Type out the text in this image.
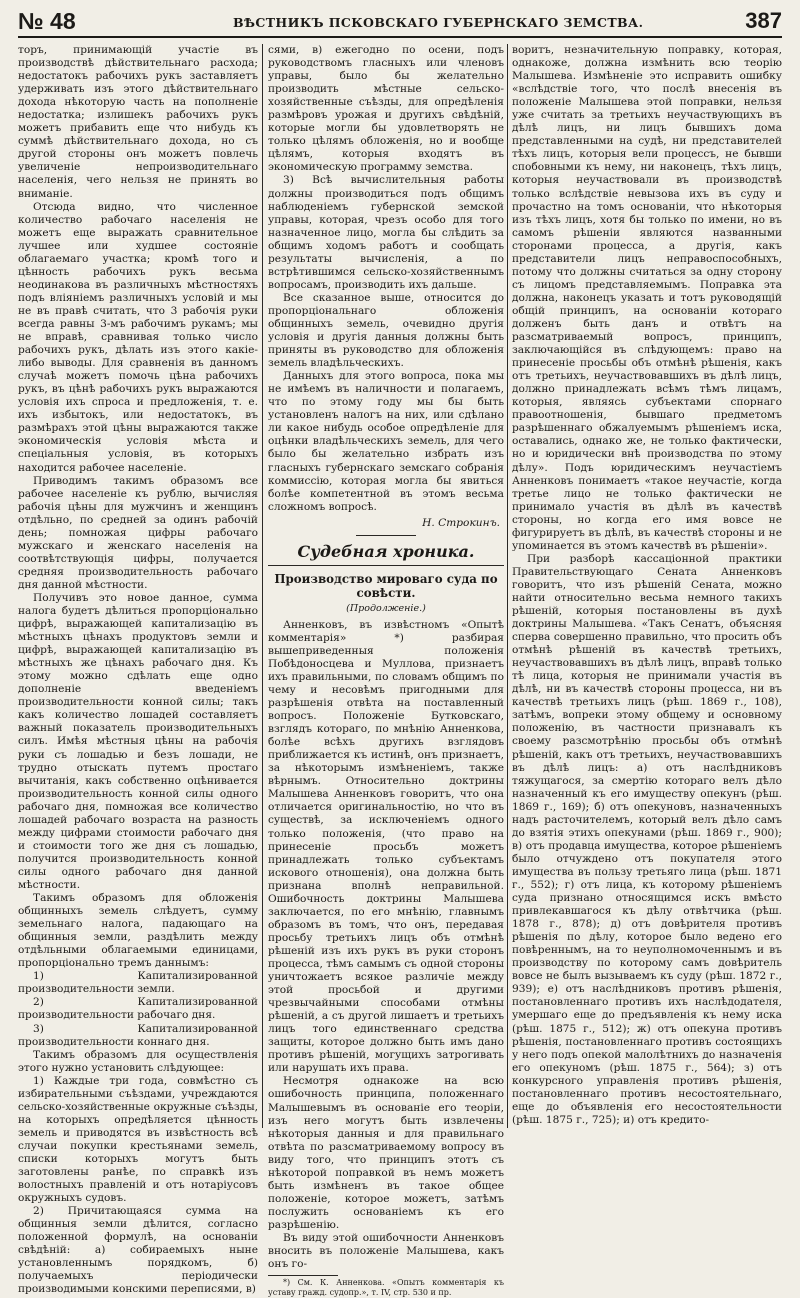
№ 48	ВѢСТНИКЪ ПСКОВСКАГО ГУБЕРНСКАГО ЗЕМСТВА.	387

торъ, принимающій участіе въ производствѣ дѣйствительнаго расхода; недостатокъ рабочихъ рукъ заставляетъ удерживать изъ этого дѣйствительнаго дохода нѣкоторую часть на пополненіе недостатка; излишекъ рабочихъ рукъ можетъ прибавить еще что нибудь къ суммѣ дѣйствительнаго дохода, но съ другой стороны онъ можетъ повлечь увеличеніе непроизводительнаго населенія, чего нельзя не принять во вниманіе.

Отсюда видно, что численное количество рабочаго населенія не можетъ еще выражать сравнительное лучшее или худшее состояніе облагаемаго участка; кромѣ того и цѣнность рабочихъ рукъ весьма неодинакова въ различныхъ мѣстностяхъ подъ вліяніемъ различныхъ условій и мы не въ правѣ считать, что 3 рабочія руки всегда равны 3-мъ рабочимъ рукамъ; мы не вправѣ, сравнивая только число рабочихъ рукъ, дѣлать изъ этого какіе-либо выводы. Для сравненія въ данномъ случаѣ можетъ помочь цѣна рабочихъ рукъ, въ цѣнѣ рабочихъ рукъ выражаются условія ихъ спроса и предложенія, т. е. ихъ избытокъ, или недостатокъ, въ размѣрахъ этой цѣны выражаются также экономическія условія мѣста и спеціальныя условія, въ которыхъ находится рабочее населеніе.

Приводимъ такимъ образомъ все рабочее населеніе къ рублю, вычисляя рабочія цѣны для мужчинъ и женщинъ отдѣльно, по средней за одинъ рабочій день; помножая цифры рабочаго мужскаго и женскаго населенія на соотвѣтствующія цифры, получается средняя производительность рабочаго дня данной мѣстности.

Получивъ это новое данное, сумма налога будетъ дѣлиться пропорціонально цифрѣ, выражающей капитализацію въ мѣстныхъ цѣнахъ продуктовъ земли и цифрѣ, выражающей капитализацію въ мѣстныхъ же цѣнахъ рабочаго дня. Къ этому можно сдѣлать еще одно дополненіе введеніемъ производительности конной силы; такъ какъ количество лошадей составляетъ важный показатель производительныхъ силъ. Имѣя мѣстныя цѣны на рабочія руки съ лошадью и безъ лошади, не трудно отыскать путемъ простаго вычитанія, какъ собственно оцѣнивается производительность конной силы одного рабочаго дня, помножая все количество лошадей рабочаго возраста на разность между цифрами стоимости рабочаго дня и стоимости того же дня съ лошадью, получится производительность конной силы одного рабочаго дня данной мѣстности.

Такимъ образомъ для обложенія общинныхъ земель слѣдуетъ, сумму земельнаго налога, падающаго на общинныя земли, раздѣлить между отдѣльными облагаемыми единицами, пропорціонально тремъ даннымъ:

1) Капитализированной производительности земли.

2) Капитализированной производительности рабочаго дня.

3) Капитализированной производительности коннаго дня.

Такимъ образомъ для осуществленія этого нужно установить слѣдующее:

1) Каждые три года, совмѣстно съ избирательными съѣздами, учреждаются сельско-хозяйственные окружные съѣзды, на которыхъ опредѣляется цѣнность земель и приводятся въ извѣстность всѣ случаи покупки крестьянами земель, списки которыхъ могутъ быть заготовлены ранѣе, по справкѣ изъ волостныхъ правленій и отъ нотаріусовъ окружныхъ судовъ.

2) Причитающаяся сумма на общинныя земли дѣлится, согласно положенной формулѣ, на основаніи свѣдѣній: а) собираемыхъ ныне установленнымъ порядкомъ, б) получаемыхъ періодически производимыми конскими переписями, в)

сями, в) ежегодно по осени, подъ руководствомъ гласныхъ или членовъ управы, было бы желательно производить мѣстные сельско-хозяйственные съѣзды, для опредѣленія размѣровъ урожая и другихъ свѣдѣній, которые могли бы удовлетворять не только цѣлямъ обложенія, но и вообще цѣлямъ, которыя входятъ въ экономическую программу земства.

3) Всѣ вычислительныя работы должны производиться подъ общимъ наблюденіемъ губернской земской управы, которая, чрезъ особо для того назначенное лицо, могла бы слѣдить за общимъ ходомъ работъ и сообщать результаты вычисленія, а по встрѣтившимся сельско-хозяйственнымъ вопросамъ, производить ихъ дальше.

Все сказанное выше, относится до пропорціональнаго обложенія общинныхъ земель, очевидно другія условія и другія данныя должны быть приняты въ руководство для обложенія земель владѣльческихъ.

Данныхъ для этого вопроса, пока мы не имѣемъ въ наличности и полагаемъ, что по этому году мы бы быть установленъ налогъ на них, или сдѣлано ли какое нибудь особое опредѣленіе для оцѣнки владѣльческихъ земель, для чего было бы желательно избрать изъ гласныхъ губернскаго земскаго собранія коммиссію, которая могла бы явиться болѣе компетентной въ этомъ весьма сложномъ вопросѣ.

Н. Строкинъ.
Судебная хроника.
Производство мироваго суда по совѣсти.
(Продолженіе.)

Анненковъ, въ извѣстномъ «Опытѣ комментарія» *) разбирая вышеприведенныя положенія Побѣдоносцева и Муллова, признаетъ ихъ правильными, по словамъ общимъ по чему и несовѣмъ пригодными для разрѣшенія отвѣта на поставленный вопросъ. Положеніе Бутковскаго, взглядъ котораго, по мнѣнію Анненкова, болѣе всѣхъ другихъ взглядовъ приближается къ истинѣ, онъ признаетъ, за нѣкоторымъ измѣненіемъ, также вѣрнымъ. Относительно доктрины Малышева Анненковъ говоритъ, что она отличается оригинальностію, но что въ существѣ, за исключеніемъ одного только положенія, (что право на принесеніе просьбъ можетъ принадлежать только субъектамъ искового отношенія), она должна быть признана вполнѣ неправильной. Ошибочность доктрины Малышева заключается, по его мнѣнію, главнымъ образомъ въ томъ, что онъ, передавая просьбу третьихъ лицъ объ отмѣнѣ рѣшеній изъ ихъ рукъ въ руки сторонъ процесса, тѣмъ самымъ съ одной стороны уничтожаетъ всякое различіе между этой просьбой и другими чрезвычайными способами отмѣны рѣшеній, а съ другой лишаетъ и третьихъ лицъ того единственнаго средства защиты, которое должно быть имъ дано противъ рѣшеній, могущихъ затрогивать или нарушать ихъ права.

Несмотря однакоже на всю ошибочность принципа, положеннаго Малышевымъ въ основаніе его теоріи, изъ него могутъ быть извлечены нѣкоторыя данныя и для правильнаго отвѣта по разсматриваемому вопросу въ виду того, что принципъ этотъ съ нѣкоторой поправкой въ немъ можетъ быть измѣненъ въ такое общее положеніе, которое можетъ, затѣмъ послужить основаніемъ къ его разрѣшенію.

Въ виду этой ошибочности Анненковъ вносить въ положеніе Малышева, какъ онъ го-

*) См. К. Анненкова. «Опытъ комментарія къ уставу гражд. судопр.», т. IV, стр. 530 и пр.

воритъ, незначительную поправку, которая, однакоже, должна измѣнить всю теорію Малышева. Измѣненіе это исправить ошибку «вслѣдствіе того, что послѣ внесенія въ положеніе Малышева этой поправки, нельзя уже считать за третьихъ неучаствующихъ въ дѣлѣ лицъ, ни лицъ бывшихъ дома представленными на судѣ, ни представителей тѣхъ лицъ, которыя вели процессъ, не бывши спобовными къ нему, ни наконецъ, тѣхъ лицъ, которыя неучаствовали въ производствѣ только вслѣдствіе невызова ихъ въ суду и прочастно на томъ основаніи, что нѣкоторыя изъ тѣхъ лицъ, хотя бы только по имени, но въ самомъ рѣшеніи являются названными сторонами процесса, а другія, какъ представители лицъ неправоспособныхъ, потому что должны считаться за одну сторону съ лицомъ представляемымъ. Поправка эта должна, наконецъ указать и тотъ руководящій общій принципъ, на основаніи котораго долженъ быть данъ и отвѣтъ на разсматриваемый вопросъ, принципъ, заключающійся въ слѣдующемъ: право на принесеніе просьбы объ отмѣнѣ рѣшенія, какъ отъ третьихъ, неучаствовавшихъ въ дѣлѣ лицъ, должно принадлежать всѣмъ тѣмъ лицамъ, которыя, являясь субъектами спорнаго правоотношенія, бывшаго предметомъ разрѣшеннаго обжалуемымъ рѣшеніемъ иска, оставались, однако же, не только фактически, но и юридически внѣ производства по этому дѣлу». Подъ юридическимъ неучастіемъ Анненковъ понимаетъ «такое неучастіе, когда третье лицо не только фактически не принимало участія въ дѣлѣ въ качествѣ стороны, но когда его имя вовсе не фигурируетъ въ дѣлѣ, въ качествѣ стороны и не упоминается въ этомъ качествѣ въ рѣшеніи».

При разборѣ кассаціонной практики Правительствующаго Сената Анненковъ говоритъ, что изъ рѣшеній Сената, можно найти относительно весьма немного такихъ рѣшеній, которыя постановлены въ духѣ доктрины Малышева. «Такъ Сенатъ, объясняя сперва совершенно правильно, что просить объ отмѣнѣ рѣшеній въ качествѣ третьихъ, неучаствовавшихъ въ дѣлѣ лицъ, вправѣ только тѣ лица, которыя не принимали участія въ дѣлѣ, ни въ качествѣ стороны процесса, ни въ качествѣ третьихъ лицъ (рѣш. 1869 г., 108), затѣмъ, вопреки этому общему и основному положенію, въ частности признавалъ къ своему разсмотрѣнію просьбы объ отмѣнѣ рѣшеній, какъ отъ третьихъ, неучаствовавшихъ въ дѣлѣ лицъ: а) отъ наслѣдниковъ тяжущагося, за смертію котораго велъ дѣло назначенный къ его имуществу опекунъ (рѣш. 1869 г., 169); б) отъ опекуновъ, назначенныхъ надъ расточителемъ, который велъ дѣло самъ до взятія этихъ опекунами (рѣш. 1869 г., 900); в) отъ продавца имущества, которое рѣшеніемъ было отчуждено отъ покупателя этого имущества въ пользу третьяго лица (рѣш. 1871 г., 552); г) отъ лица, къ которому рѣшеніемъ суда признано относящимся искъ вмѣсто привлекавшагося къ дѣлу отвѣтчика (рѣш. 1878 г., 878); д) отъ довѣрителя противъ рѣшенія по дѣлу, которое было ведено его повѣреннымъ, на то неуполномоченнымъ и въ производству по которому самъ довѣритель вовсе не былъ вызываемъ къ суду (рѣш. 1872 г., 939); е) отъ наслѣдниковъ противъ рѣшенія, постановленнаго противъ ихъ наслѣдодателя, умершаго еще до предъявленія къ нему иска (рѣш. 1875 г., 512); ж) отъ опекуна противъ рѣшенія, постановленнаго противъ состоящихъ у него подъ опекой малолѣтнихъ до назначенія его опекуномъ (рѣш. 1875 г., 564); з) отъ конкурсного управленія противъ рѣшенія, постановленнаго противъ несостоятельнаго, еще до объявленія его несостоятельности (рѣш. 1875 г., 725); и) отъ кредито-
